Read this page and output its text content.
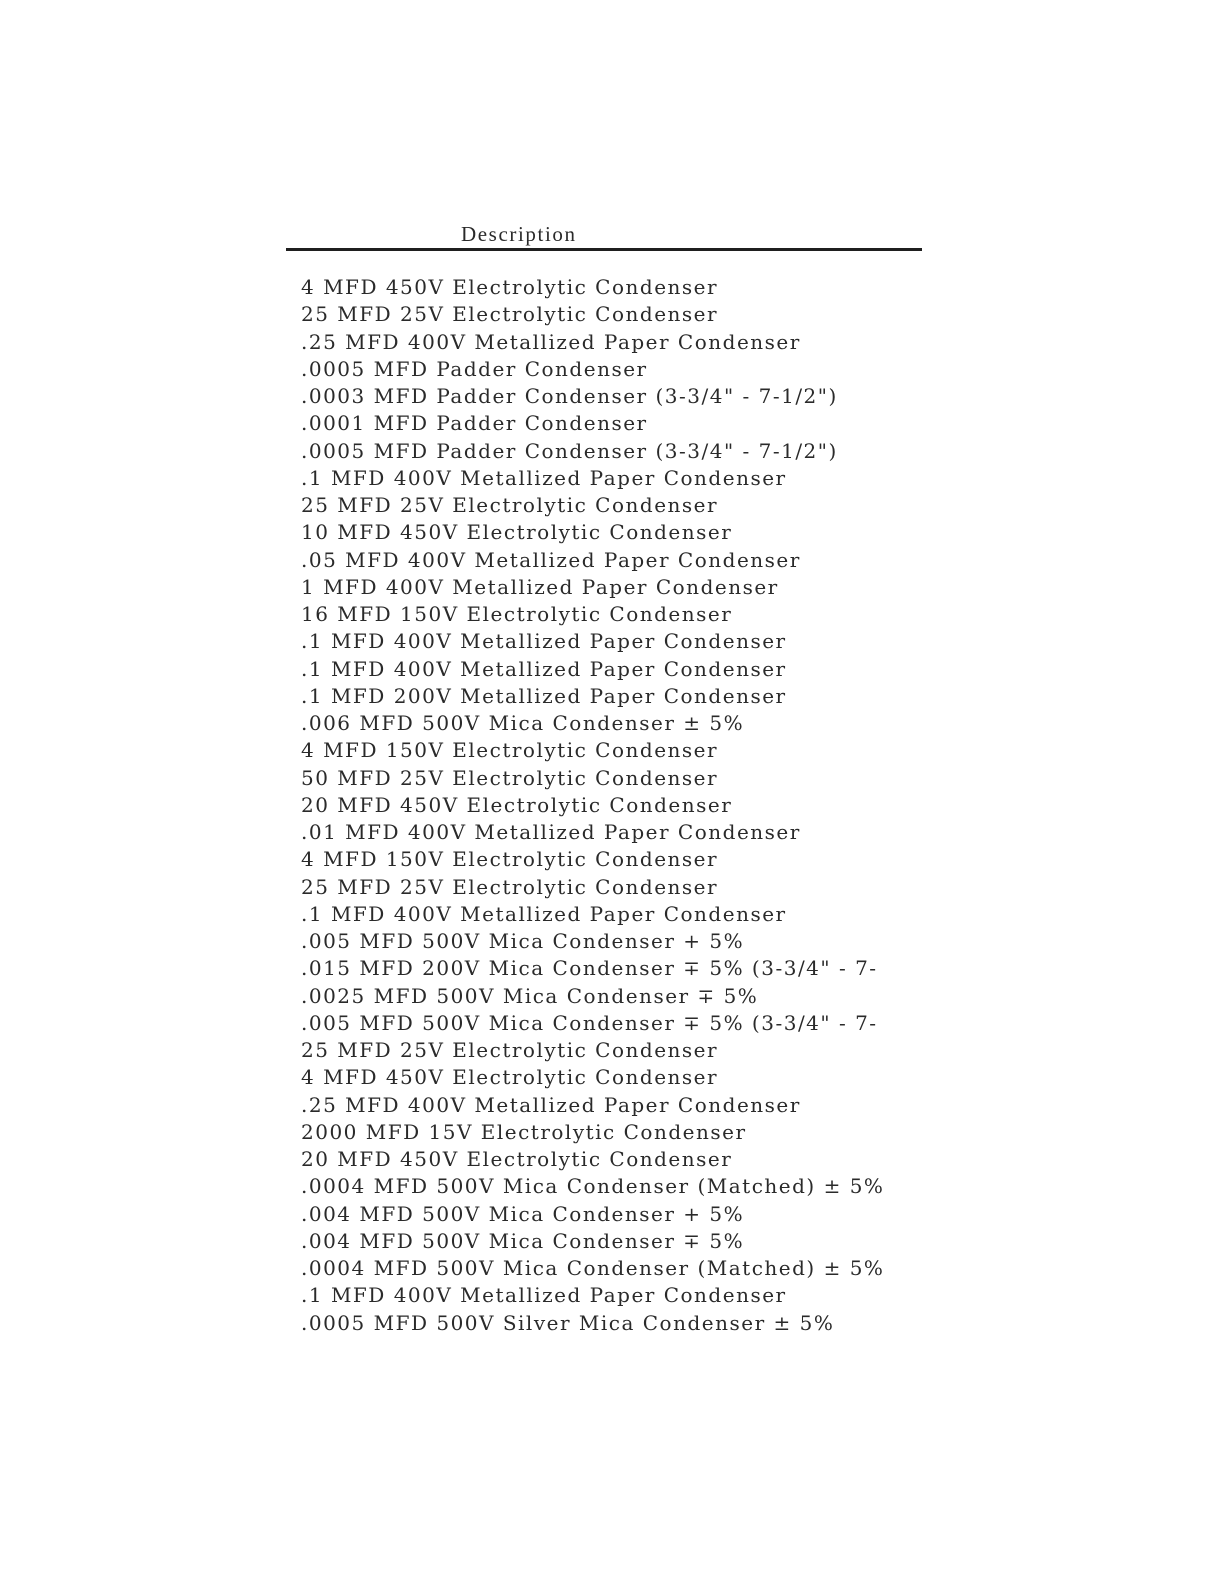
Description
4 MFD 450V Electrolytic Condenser
25 MFD 25V Electrolytic Condenser
.25 MFD 400V Metallized Paper Condenser
.0005 MFD Padder Condenser
.0003 MFD Padder Condenser (3-3/4" - 7-1/2")
.0001 MFD Padder Condenser
.0005 MFD Padder Condenser (3-3/4" - 7-1/2")
.1 MFD 400V Metallized Paper Condenser
25 MFD 25V Electrolytic Condenser
10 MFD 450V Electrolytic Condenser
.05 MFD 400V Metallized Paper Condenser
1 MFD 400V Metallized Paper Condenser
16 MFD 150V Electrolytic Condenser
.1 MFD 400V Metallized Paper Condenser
.1 MFD 400V Metallized Paper Condenser
.1 MFD 200V Metallized Paper Condenser
.006 MFD 500V Mica Condenser ± 5%
4 MFD 150V Electrolytic Condenser
50 MFD 25V Electrolytic Condenser
20 MFD 450V Electrolytic Condenser
.01 MFD 400V Metallized Paper Condenser
4 MFD 150V Electrolytic Condenser
25 MFD 25V Electrolytic Condenser
.1 MFD 400V Metallized Paper Condenser
.005 MFD 500V Mica Condenser + 5%
.015 MFD 200V Mica Condenser ∓ 5% (3-3/4" - 7-
.0025 MFD 500V Mica Condenser ∓ 5%
.005 MFD 500V Mica Condenser ∓ 5% (3-3/4" - 7-
25 MFD 25V Electrolytic Condenser
4 MFD 450V Electrolytic Condenser
.25 MFD 400V Metallized Paper Condenser
2000 MFD 15V Electrolytic Condenser
20 MFD 450V Electrolytic Condenser
.0004 MFD 500V Mica Condenser (Matched) ± 5%
.004 MFD 500V Mica Condenser + 5%
.004 MFD 500V Mica Condenser ∓ 5%
.0004 MFD 500V Mica Condenser (Matched) ± 5%
.1 MFD 400V Metallized Paper Condenser
.0005 MFD 500V Silver Mica Condenser ± 5%
